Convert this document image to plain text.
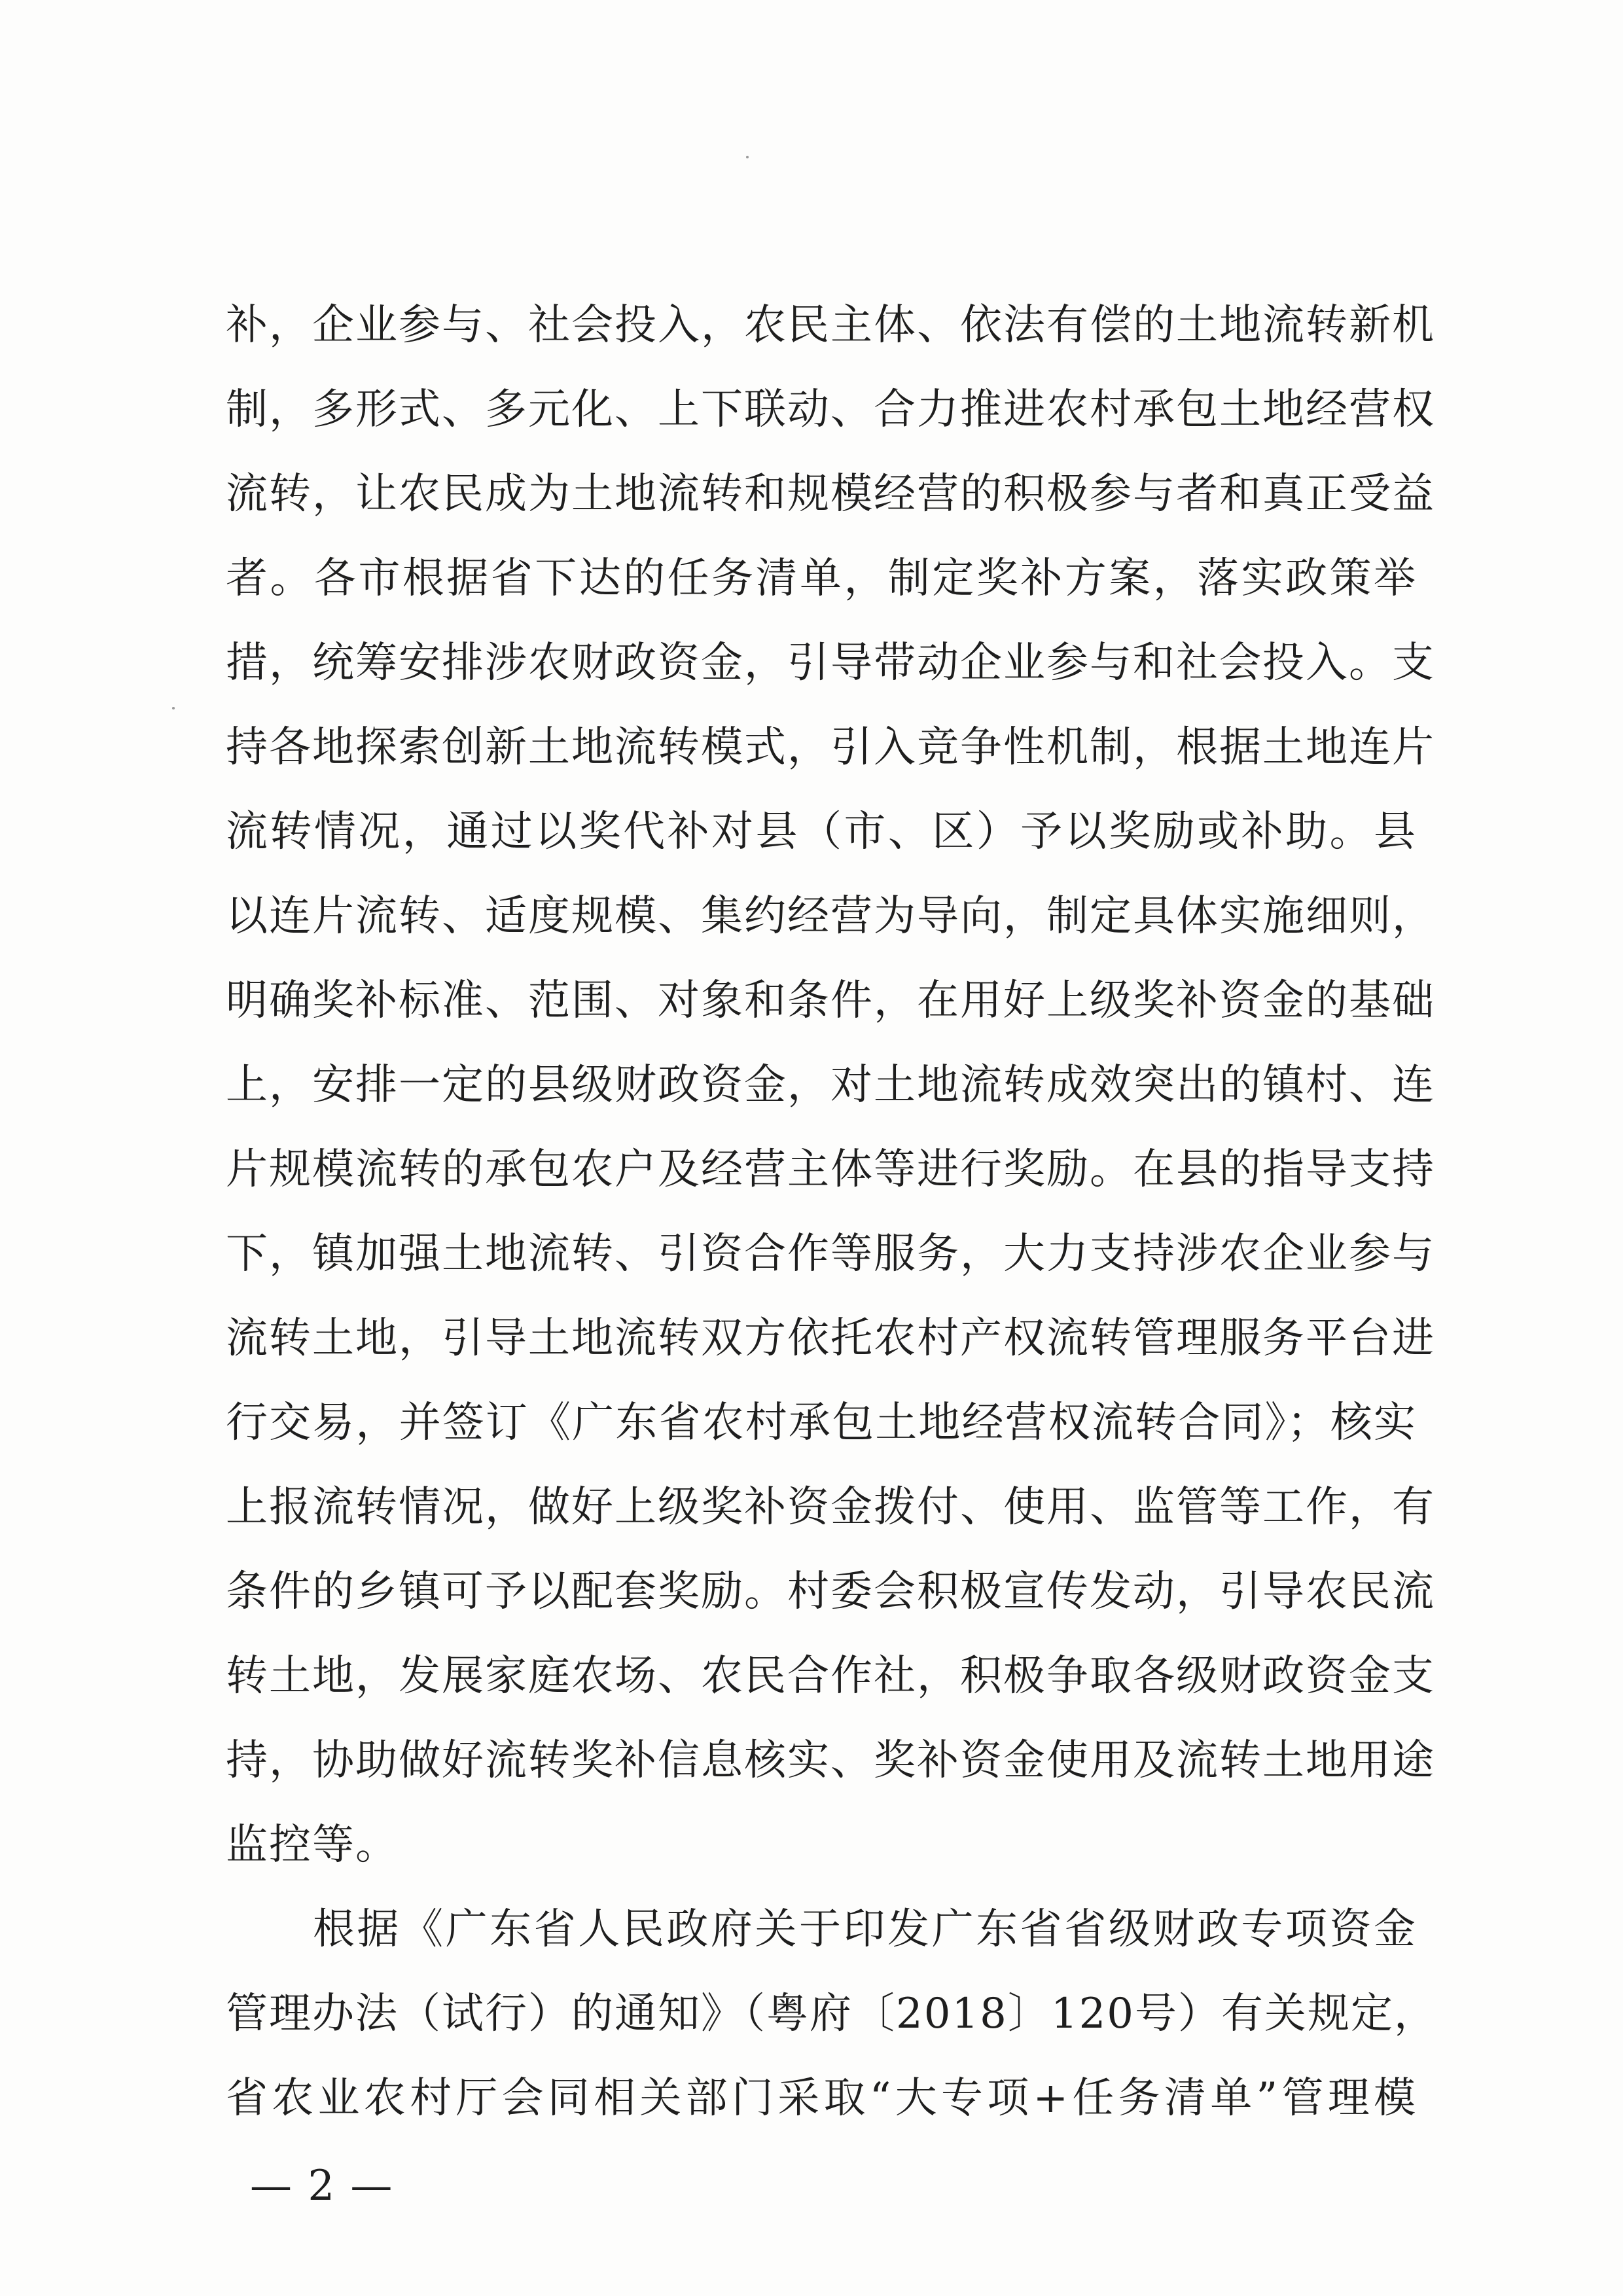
补，企业参与、社会投入，农民主体、依法有偿的土地流转新机
制，多形式、多元化、上下联动、合力推进农村承包土地经营权
流转，让农民成为土地流转和规模经营的积极参与者和真正受益
者。各市根据省下达的任务清单，制定奖补方案，落实政策举
措，统筹安排涉农财政资金，引导带动企业参与和社会投入。支
持各地探索创新土地流转模式，引入竞争性机制，根据土地连片
流转情况，通过以奖代补对县（市、区）予以奖励或补助。县
以连片流转、适度规模、集约经营为导向，制定具体实施细则，
明确奖补标准、范围、对象和条件，在用好上级奖补资金的基础
上，安排一定的县级财政资金，对土地流转成效突出的镇村、连
片规模流转的承包农户及经营主体等进行奖励。在县的指导支持
下，镇加强土地流转、引资合作等服务，大力支持涉农企业参与
流转土地，引导土地流转双方依托农村产权流转管理服务平台进
行交易，并签订《广东省农村承包土地经营权流转合同》；核实
上报流转情况，做好上级奖补资金拨付、使用、监管等工作，有
条件的乡镇可予以配套奖励。村委会积极宣传发动，引导农民流
转土地，发展家庭农场、农民合作社，积极争取各级财政资金支
持，协助做好流转奖补信息核实、奖补资金使用及流转土地用途
监控等。
根据《广东省人民政府关于印发广东省省级财政专项资金
管理办法（试行）的通知》（粤府〔2018〕120号）有关规定，
省农业农村厅会同相关部门采取“大专项+任务清单”管理模
— 2 —
